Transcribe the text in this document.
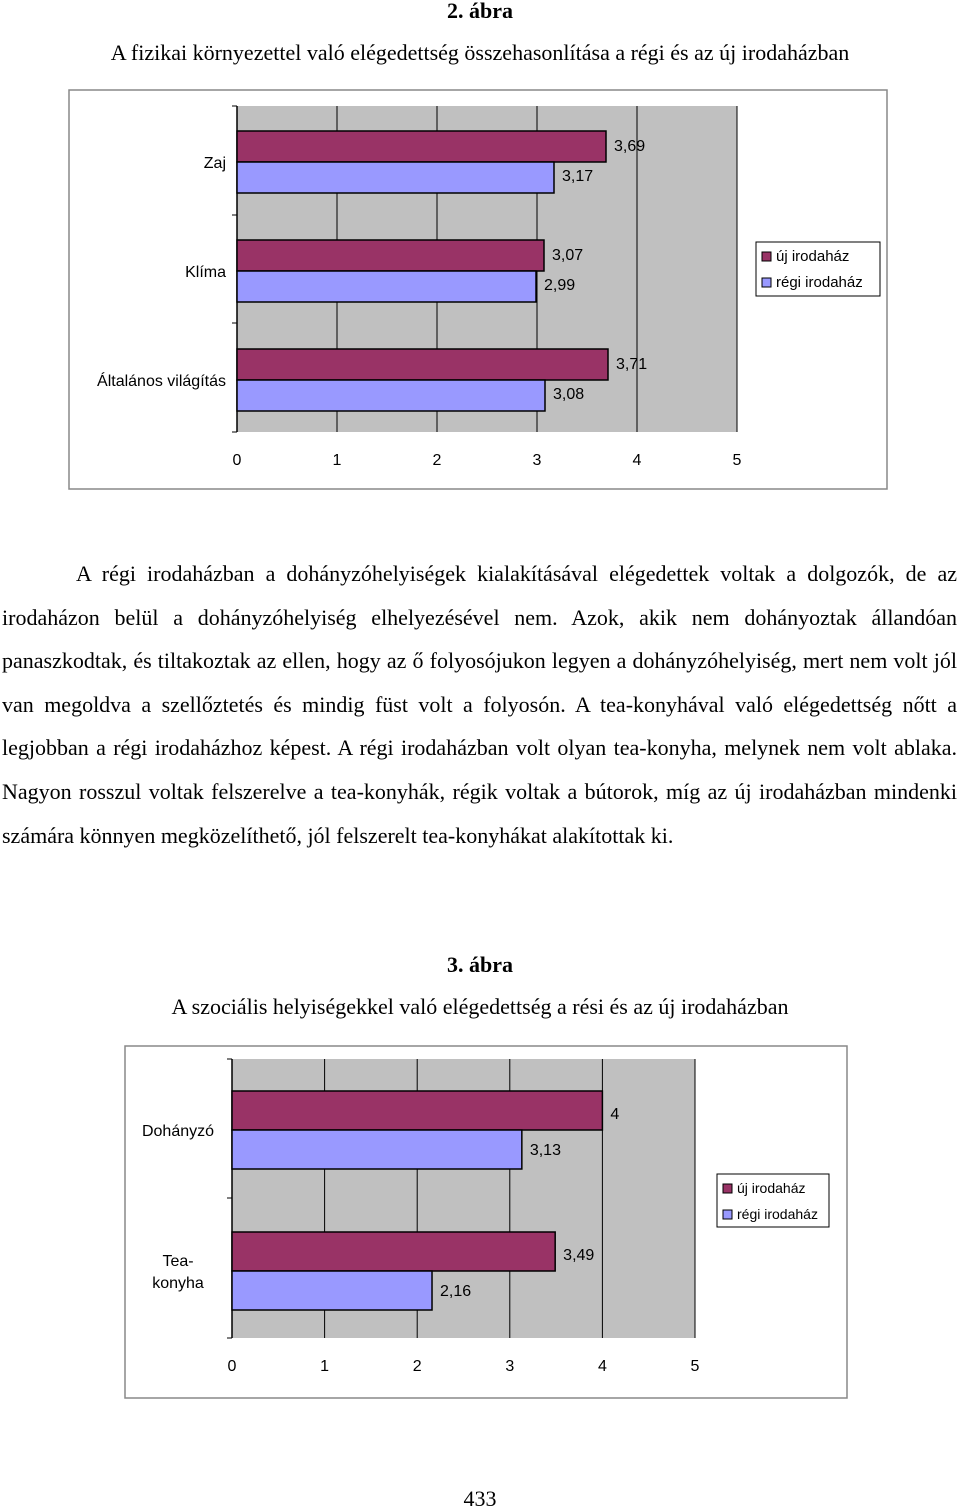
2. ábra
A fizikai környezettel való elégedettség összehasonlítása a régi és az új irodaházban
0	1	2	3	4	5
3,69
3,17
Zaj
3,07
2,99
Klíma
3,71
3,08
Általános világítás
új irodaház
régi irodaház

A régi irodaházban a dohányzóhelyiségek kialakításával elégedettek voltak a dolgozók, de az irodaházon belül a dohányzóhelyiség elhelyezésével nem. Azok, akik nem dohányoztak állandóan panaszkodtak, és tiltakoztak az ellen, hogy az ő folyosójukon legyen a dohányzóhelyiség, mert nem volt jól van megoldva a szellőztetés és mindig füst volt a folyosón. A tea-konyhával való elégedettség nőtt a legjobban a régi irodaházhoz képest. A régi irodaházban volt olyan tea-konyha, melynek nem volt ablaka. Nagyon rosszul voltak felszerelve a tea-konyhák, régik voltak a bútorok, míg az új irodaházban mindenki számára könnyen megközelíthető, jól felszerelt tea-konyhákat alakítottak ki.

3. ábra
A szociális helyiségekkel való elégedettség a rési és az új irodaházban
0	1	2	3	4	5
4
3,13
Dohányzó
3,49
2,16
Tea-
konyha
új irodaház
régi irodaház
433
